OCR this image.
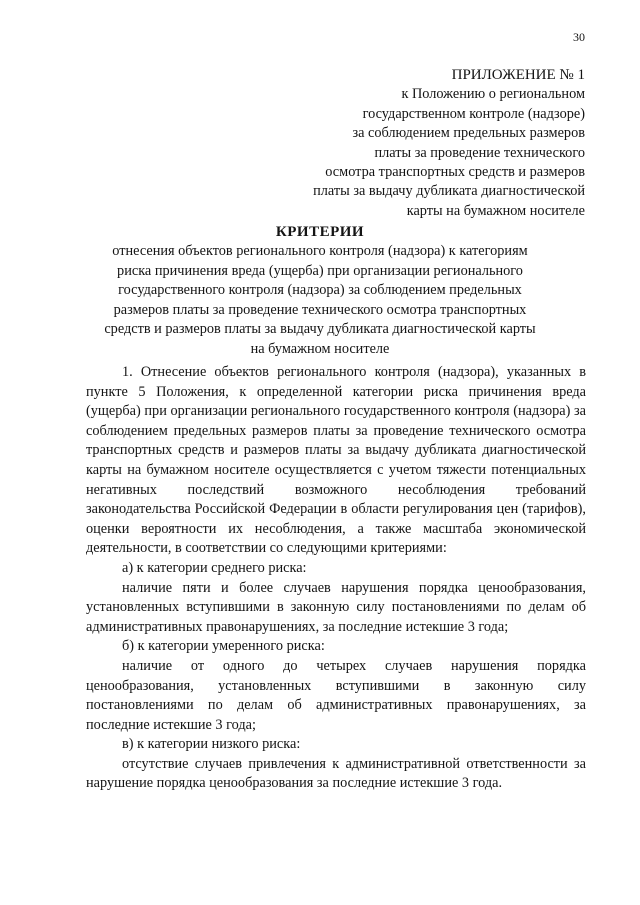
30
ПРИЛОЖЕНИЕ № 1
к Положению о региональном
государственном контроле (надзоре)
за соблюдением предельных размеров
платы за проведение технического
осмотра транспортных средств и размеров
платы за выдачу дубликата диагностической
карты на бумажном носителе
КРИТЕРИИ
отнесения объектов регионального контроля (надзора) к категориям
риска причинения вреда (ущерба) при организации регионального
государственного контроля (надзора) за соблюдением предельных
размеров платы за проведение технического осмотра транспортных
средств и размеров платы за выдачу дубликата диагностической карты
на бумажном носителе

1. Отнесение объектов регионального контроля (надзора), указанных в пункте 5 Положения, к определенной категории риска причинения вреда (ущерба) при организации регионального государственного контроля (надзора) за соблюдением предельных размеров платы за проведение технического осмотра транспортных средств и размеров платы за выдачу дубликата диагностической карты на бумажном носителе осуществляется с учетом тяжести потенциальных негативных последствий возможного несоблюдения требований законодательства Российской Федерации в области регулирования цен (тарифов), оценки вероятности их несоблюдения, а также масштаба экономической деятельности, в соответствии со следующими критериями:

а) к категории среднего риска:

наличие пяти и более случаев нарушения порядка ценообразования, установленных вступившими в законную силу постановлениями по делам об административных правонарушениях, за последние истекшие 3 года;

б) к категории умеренного риска:

наличие от одного до четырех случаев нарушения порядка ценообразования, установленных вступившими в законную силу постановлениями по делам об административных правонарушениях, за последние истекшие 3 года;

в) к категории низкого риска:

отсутствие случаев привлечения к административной ответственности за нарушение порядка ценообразования за последние истекшие 3 года.
